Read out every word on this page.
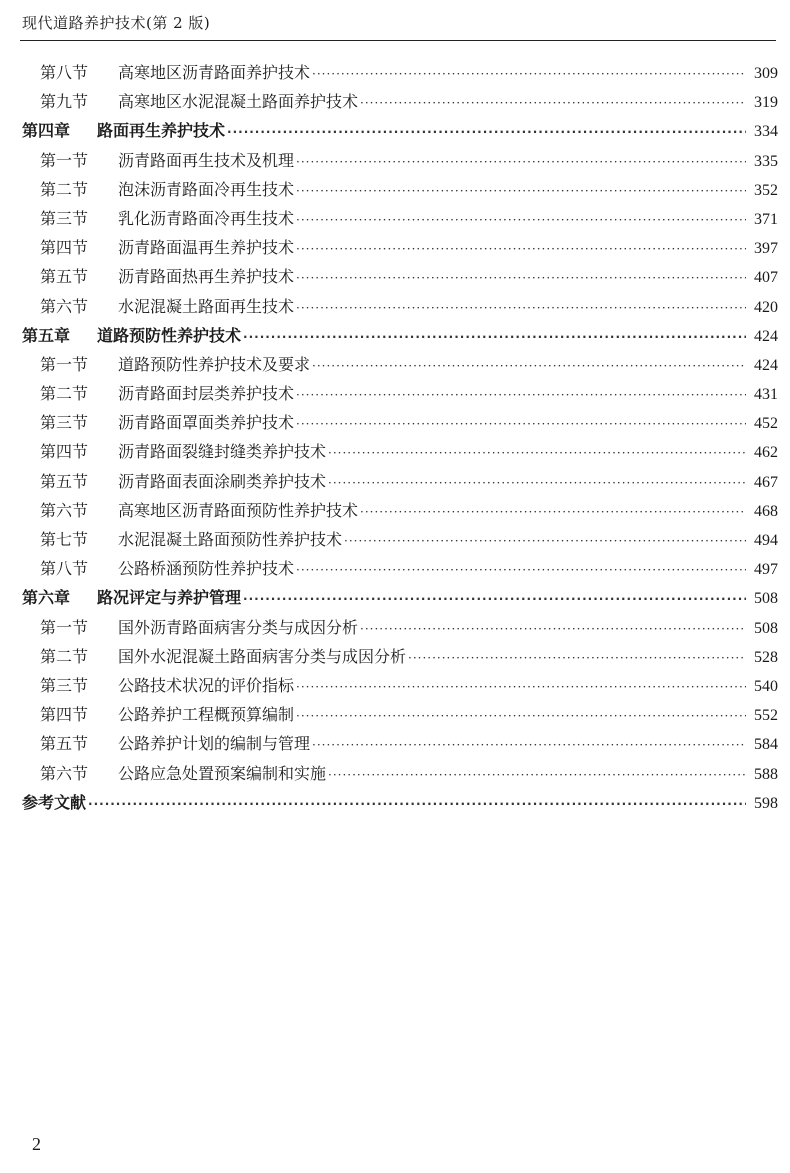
现代道路养护技术(第 2 版)
第八节	高寒地区沥青路面养护技术 ·····	309
第九节	高寒地区水泥混凝土路面养护技术 ·····	319
第四章	路面再生养护技术 ·····	334
第一节	沥青路面再生技术及机理 ·····	335
第二节	泡沫沥青路面冷再生技术 ·····	352
第三节	乳化沥青路面冷再生技术 ·····	371
第四节	沥青路面温再生养护技术 ·····	397
第五节	沥青路面热再生养护技术 ·····	407
第六节	水泥混凝土路面再生技术 ·····	420
第五章	道路预防性养护技术 ·····	424
第一节	道路预防性养护技术及要求 ·····	424
第二节	沥青路面封层类养护技术 ·····	431
第三节	沥青路面罩面类养护技术 ·····	452
第四节	沥青路面裂缝封缝类养护技术 ·····	462
第五节	沥青路面表面涂刷类养护技术 ·····	467
第六节	高寒地区沥青路面预防性养护技术 ·····	468
第七节	水泥混凝土路面预防性养护技术 ·····	494
第八节	公路桥涵预防性养护技术 ·····	497
第六章	路况评定与养护管理 ·····	508
第一节	国外沥青路面病害分类与成因分析 ·····	508
第二节	国外水泥混凝土路面病害分类与成因分析 ·····	528
第三节	公路技术状况的评价指标 ·····	540
第四节	公路养护工程概预算编制 ·····	552
第五节	公路养护计划的编制与管理 ·····	584
第六节	公路应急处置预案编制和实施 ·····	588
参考文献 ·····	598
2
